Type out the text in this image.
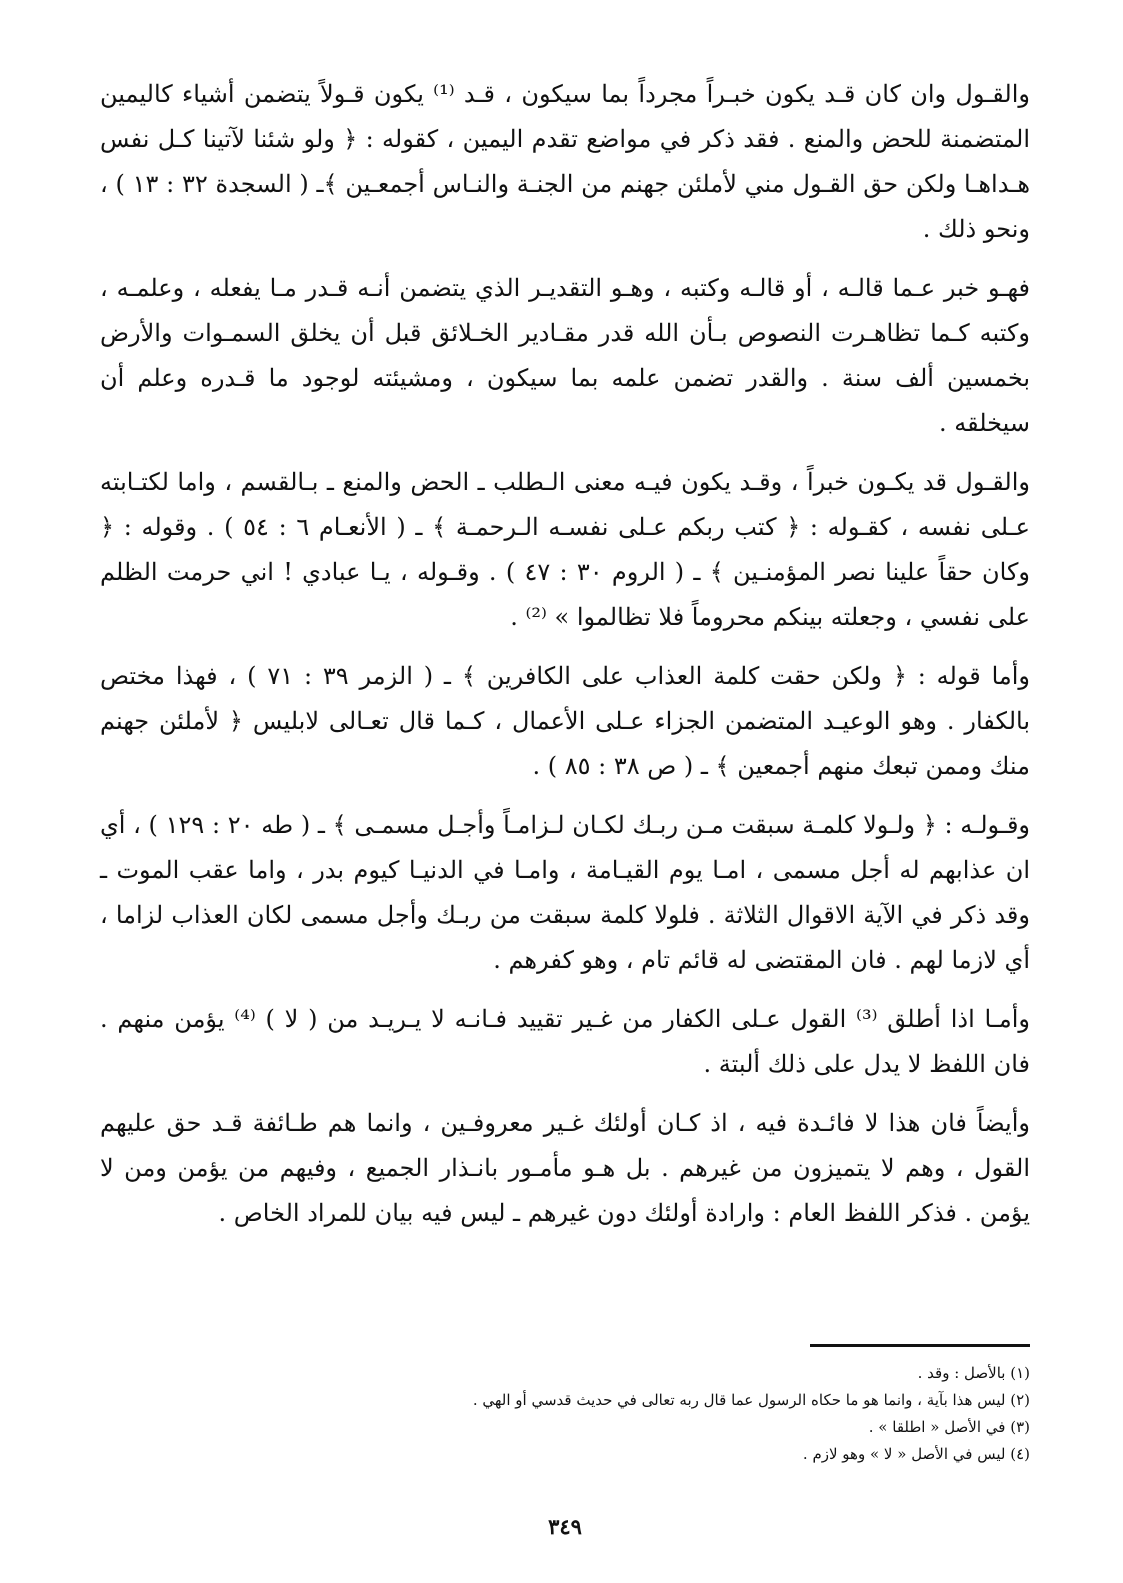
والقـول وان كان قـد يكون خبـراً مجرداً بما سيكون ، قـد ⁽¹⁾ يكون قـولاً يتضمن أشياء كاليمين المتضمنة للحض والمنع . فقد ذكر في مواضع تقدم اليمين ، كقوله : ﴿ ولو شئنا لآتينا كـل نفس هـداهـا ولكن حق القـول مني لأملئن جهنم من الجنـة والنـاس أجمعـين ﴾ـ ( السجدة ٣٢ : ١٣ ) ، ونحو ذلك .

فهـو خبر عـما قالـه ، أو قالـه وكتبه ، وهـو التقديـر الذي يتضمن أنـه قـدر مـا يفعله ، وعلمـه ، وكتبه كـما تظاهـرت النصوص بـأن الله قدر مقـادير الخـلائق قبل أن يخلق السمـوات والأرض بخمسين ألف سنة . والقدر تضمن علمه بما سيكون ، ومشيئته لوجود ما قـدره وعلم أن سيخلقه .

والقـول قد يكـون خبراً ، وقـد يكون فيـه معنى الـطلب ـ الحض والمنع ـ بـالقسم ، واما لكتـابته عـلى نفسه ، كقـوله : ﴿ كتب ربكم عـلى نفسـه الـرحمـة ﴾ ـ ( الأنعـام ٦ : ٥٤ ) . وقوله : ﴿ وكان حقاً علينا نصر المؤمنـين ﴾ ـ ( الروم ٣٠ : ٤٧ ) . وقـوله ، يـا عبادي ! اني حرمت الظلم على نفسي ، وجعلته بينكم محروماً فلا تظالموا » ⁽²⁾ .

وأما قوله : ﴿ ولكن حقت كلمة العذاب على الكافرين ﴾ ـ ( الزمر ٣٩ : ٧١ ) ، فهذا مختص بالكفار . وهو الوعيـد المتضمن الجزاء عـلى الأعمال ، كـما قال تعـالى لابليس ﴿ لأملئن جهنم منك وممن تبعك منهم أجمعين ﴾ ـ ( ص ٣٨ : ٨٥ ) .

وقـولـه : ﴿ ولـولا كلمـة سبقت مـن ربـك لكـان لـزامـاً وأجـل مسمـى ﴾ ـ ( طه ٢٠ : ١٢٩ ) ، أي ان عذابهم له أجل مسمى ، امـا يوم القيـامة ، وامـا في الدنيـا كيوم بدر ، واما عقب الموت ـ وقد ذكر في الآية الاقوال الثلاثة . فلولا كلمة سبقت من ربـك وأجل مسمى لكان العذاب لزاما ، أي لازما لهم . فان المقتضى له قائم تام ، وهو كفرهم .

وأمـا اذا أطلق ⁽³⁾ القول عـلى الكفار من غـير تقييد فـانـه لا يـريـد من ( لا ) ⁽⁴⁾ يؤمن منهم . فان اللفظ لا يدل على ذلك ألبتة .

وأيضاً فان هذا لا فائـدة فيه ، اذ كـان أولئك غـير معروفـين ، وانما هم طـائفة قـد حق عليهم القول ، وهم لا يتميزون من غيرهم . بل هـو مأمـور بانـذار الجميع ، وفيهم من يؤمن ومن لا يؤمن . فذكر اللفظ العام : وارادة أولئك دون غيرهم ـ ليس فيه بيان للمراد الخاص .

(١) بالأصل : وقد .

(٢) ليس هذا بآية ، وانما هو ما حكاه الرسول عما قال ربه تعالى في حديث قدسي أو الهي .

(٣) في الأصل « اطلقا » .

(٤) ليس في الأصل « لا » وهو لازم .

٣٤٩
